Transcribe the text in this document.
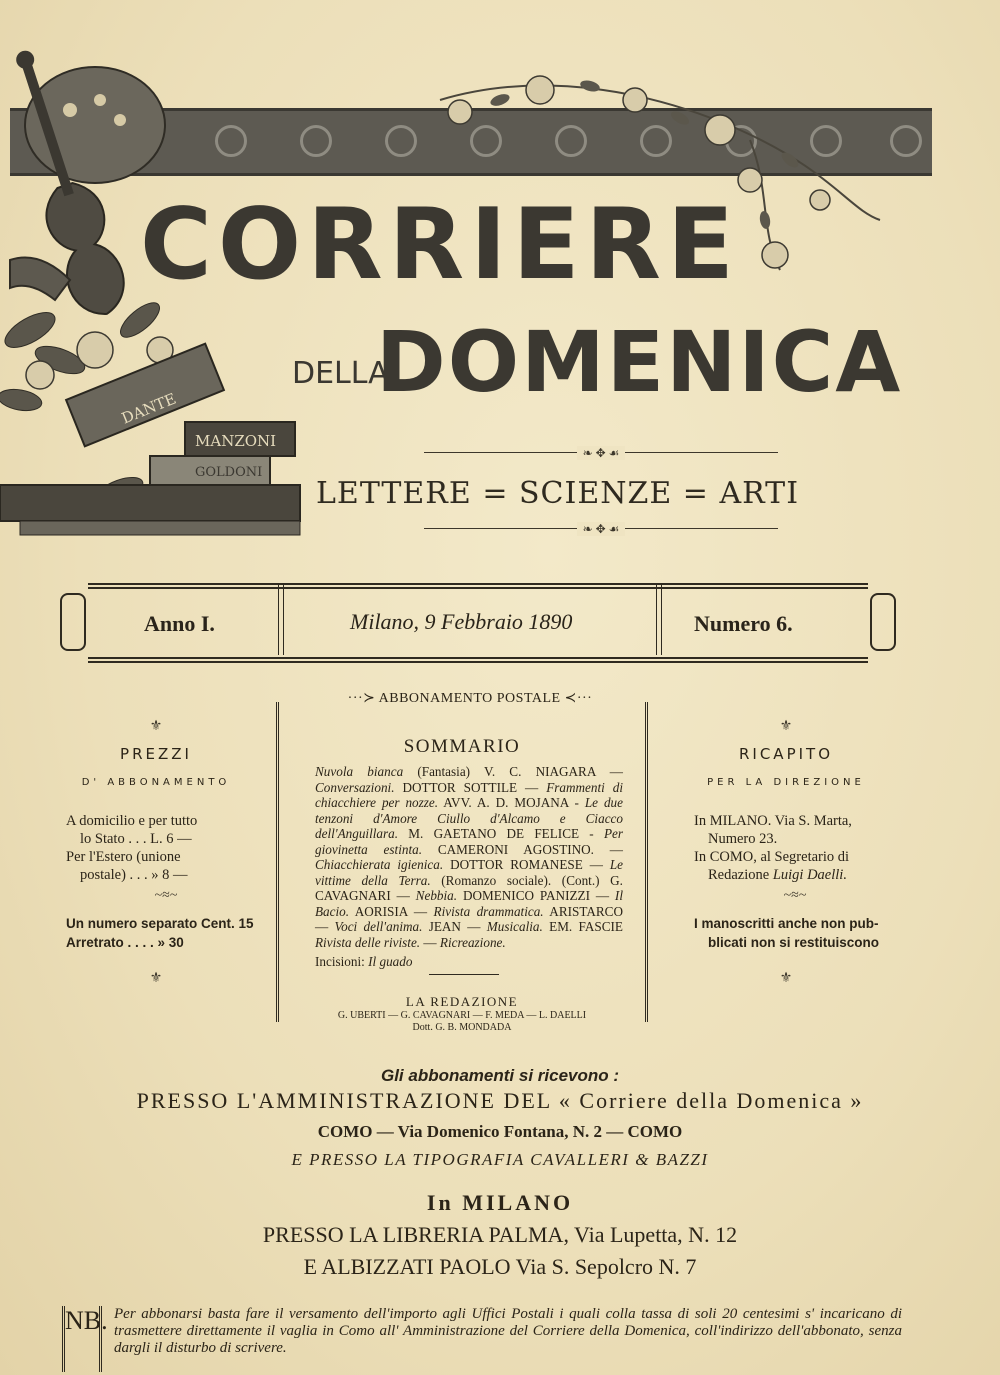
DANTE
MANZONI
GOLDONI
CORRIERE
DELLA
DOMENICA
❧ ✥ ☙
LETTERE = SCIENZE = ARTI
❧ ✥ ☙
Anno I.	Milano, 9 Febbraio 1890	Numero 6.
···≻ ABBONAMENTO POSTALE ≺···
SOMMARIO
Nuvola bianca (Fantasia) V. C. NIAGARA — Conversazioni. DOTTOR SOTTILE — Frammenti di chiacchiere per nozze. AVV. A. D. MOJANA - Le due tenzoni d'Amore Ciullo d'Alcamo e Ciacco dell'Anguillara. M. GAETANO DE FELICE - Per giovinetta estinta. CAMERONI AGOSTINO. — Chiacchierata igienica. DOTTOR ROMANESE — Le vittime della Terra. (Romanzo sociale). (Cont.) G. CAVAGNARI — Nebbia. DOMENICO PANIZZI — Il Bacio. AORISIA — Rivista drammatica. ARISTARCO — Voci dell'anima. JEAN — Musicalia. EM. FASCIE Rivista delle riviste. — Ricreazione.
Incisioni: Il guado
LA REDAZIONE
G. UBERTI — G. CAVAGNARI — F. MEDA — L. DAELLI
Dott. G. B. MONDADA
⚜
PREZZI
D' ABBONAMENTO
A domicilio e per tutto
lo Stato . . . L. 6 —
Per l'Estero (unione
postale) . . . » 8 —
~≈~
Un numero separato Cent. 15
Arretrato . . . . » 30
⚜
⚜
RICAPITO
PER LA DIREZIONE
In MILANO. Via S. Marta,
Numero 23.
In COMO, al Segretario di
Redazione Luigi Daelli.
~≈~
I manoscritti anche non pub-
blicati non si restituiscono
⚜
Gli abbonamenti si ricevono :
PRESSO L'AMMINISTRAZIONE DEL « Corriere della Domenica »
COMO — Via Domenico Fontana, N. 2 — COMO
E PRESSO LA TIPOGRAFIA CAVALLERI & BAZZI
In MILANO
PRESSO LA LIBRERIA PALMA, Via Lupetta, N. 12
E ALBIZZATI PAOLO Via S. Sepolcro N. 7
NB. Per abbonarsi basta fare il versamento dell'importo agli Uffici Postali i quali colla tassa di soli 20 centesimi s' incaricano di trasmettere direttamente il vaglia in Como all' Amministrazione del Corriere della Domenica, coll'indirizzo dell'abbonato, senza dargli il disturbo di scrivere.
